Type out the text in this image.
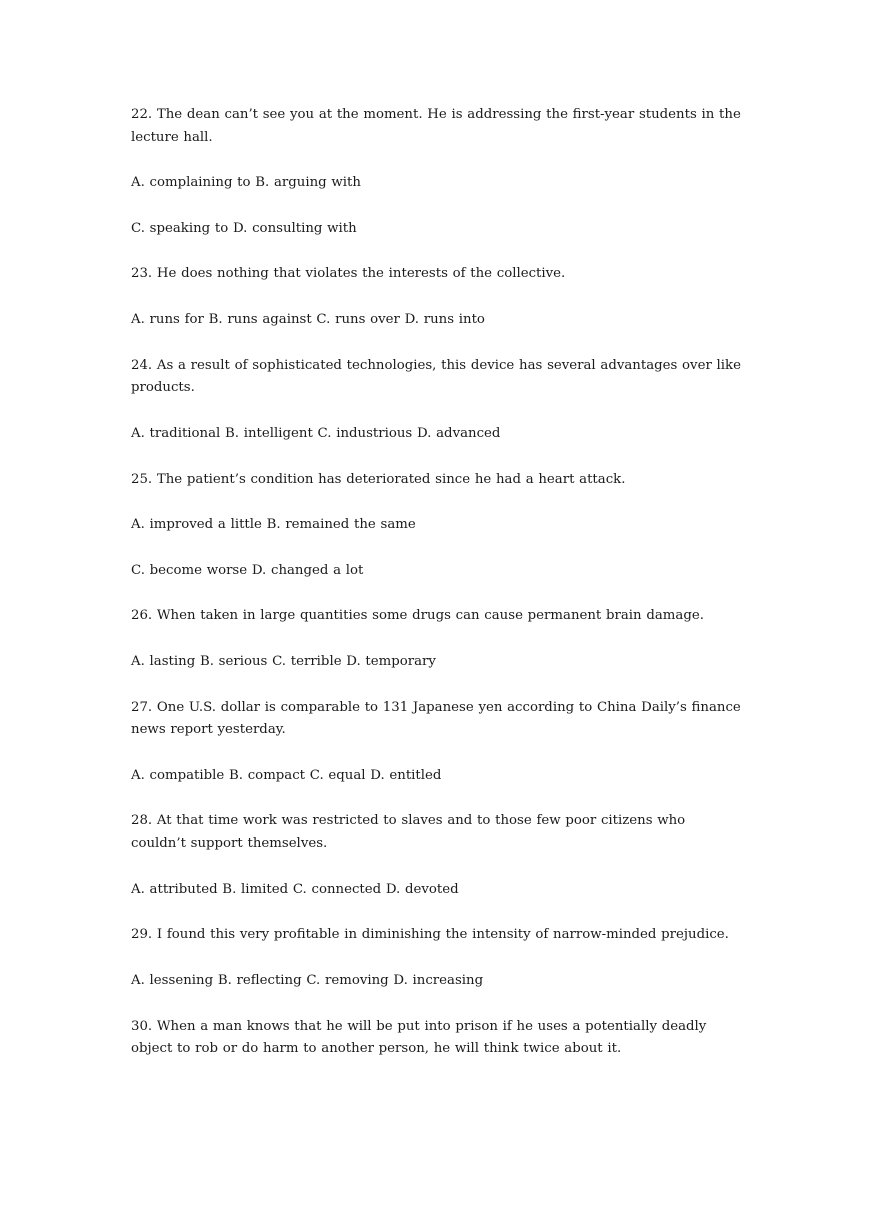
22. The dean can’t see you at the moment. He is addressing the first-year students in the lecture hall.

A. complaining to B. arguing with

C. speaking to D. consulting with

23. He does nothing that violates the interests of the collective.

A. runs for B. runs against C. runs over D. runs into

24. As a result of sophisticated technologies, this device has several advantages over like products.

A. traditional B. intelligent C. industrious D. advanced

25. The patient’s condition has deteriorated since he had a heart attack.

A. improved a little B. remained the same

C. become worse D. changed a lot

26. When taken in large quantities some drugs can cause permanent brain damage.

A. lasting B. serious C. terrible D. temporary

27. One U.S. dollar is comparable to 131 Japanese yen according to China Daily’s finance news report yesterday.

A. compatible B. compact C. equal D. entitled

28. At that time work was restricted to slaves and to those few poor citizens who couldn’t support themselves.

A. attributed B. limited C. connected D. devoted

29. I found this very profitable in diminishing the intensity of narrow-minded prejudice.

A. lessening B. reflecting C. removing D. increasing

30. When a man knows that he will be put into prison if he uses a potentially deadly object to rob or do harm to another person, he will think twice about it.
